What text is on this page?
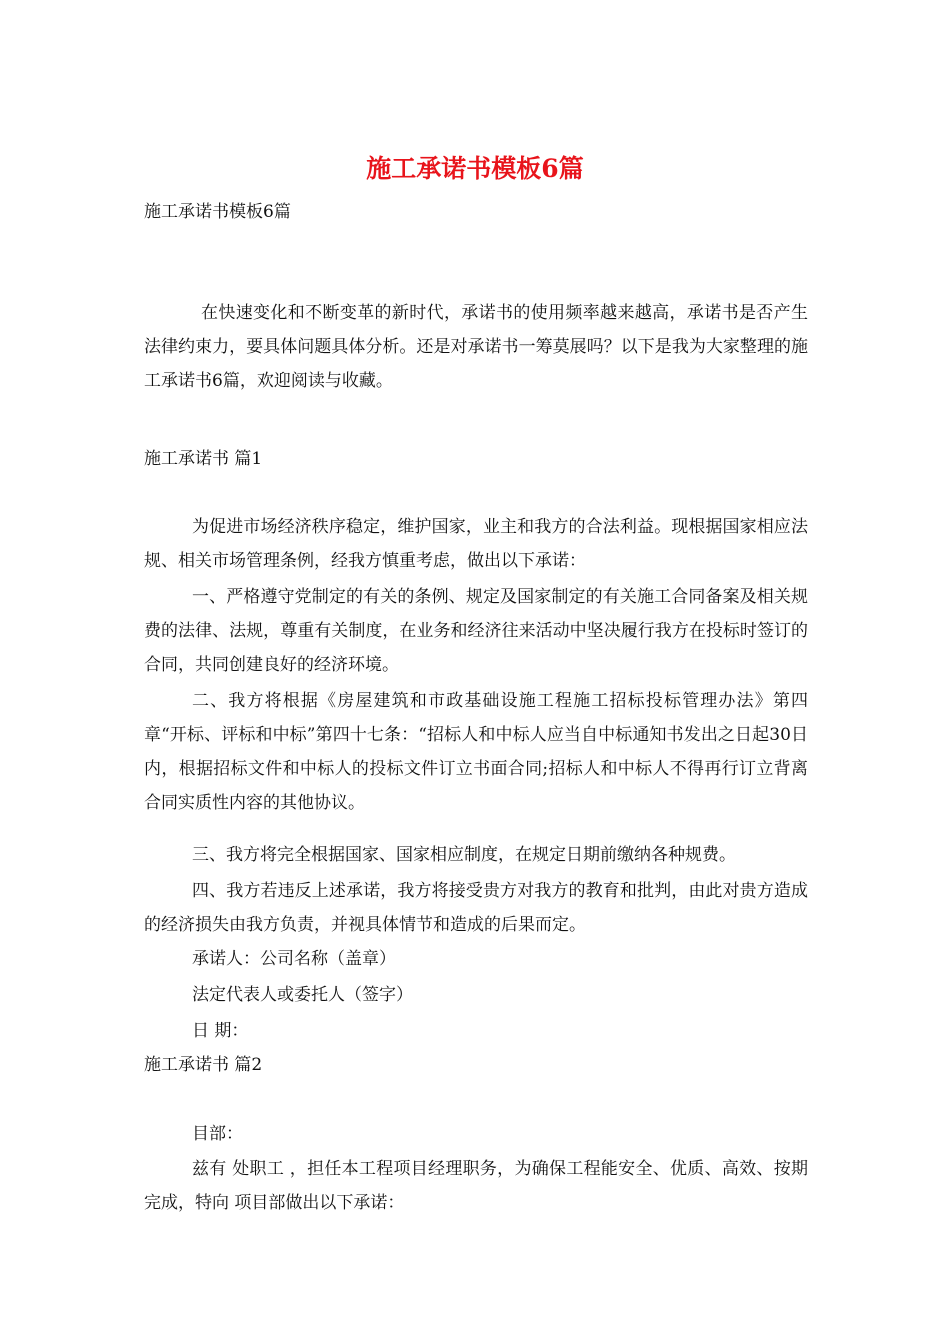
施工承诺书模板6篇
施工承诺书模板6篇
在快速变化和不断变革的新时代，承诺书的使用频率越来越高，承诺书是否产生法律约束力，要具体问题具体分析。还是对承诺书一筹莫展吗？以下是我为大家整理的施工承诺书6篇，欢迎阅读与收藏。
施工承诺书 篇1
为促进市场经济秩序稳定，维护国家，业主和我方的合法利益。现根据国家相应法规、相关市场管理条例，经我方慎重考虑，做出以下承诺：
一、严格遵守党制定的有关的条例、规定及国家制定的有关施工合同备案及相关规费的法律、法规，尊重有关制度，在业务和经济往来活动中坚决履行我方在投标时签订的合同，共同创建良好的经济环境。
二、我方将根据《房屋建筑和市政基础设施工程施工招标投标管理办法》第四章“开标、评标和中标”第四十七条：“招标人和中标人应当自中标通知书发出之日起30日内，根据招标文件和中标人的投标文件订立书面合同;招标人和中标人不得再行订立背离合同实质性内容的其他协议。
三、我方将完全根据国家、国家相应制度，在规定日期前缴纳各种规费。
四、我方若违反上述承诺，我方将接受贵方对我方的教育和批判，由此对贵方造成的经济损失由我方负责，并视具体情节和造成的后果而定。
承诺人：公司名称（盖章）
法定代表人或委托人（签字）
日 期：
施工承诺书 篇2
目部：
兹有 处职工 ，担任本工程项目经理职务，为确保工程能安全、优质、高效、按期完成，特向 项目部做出以下承诺：
